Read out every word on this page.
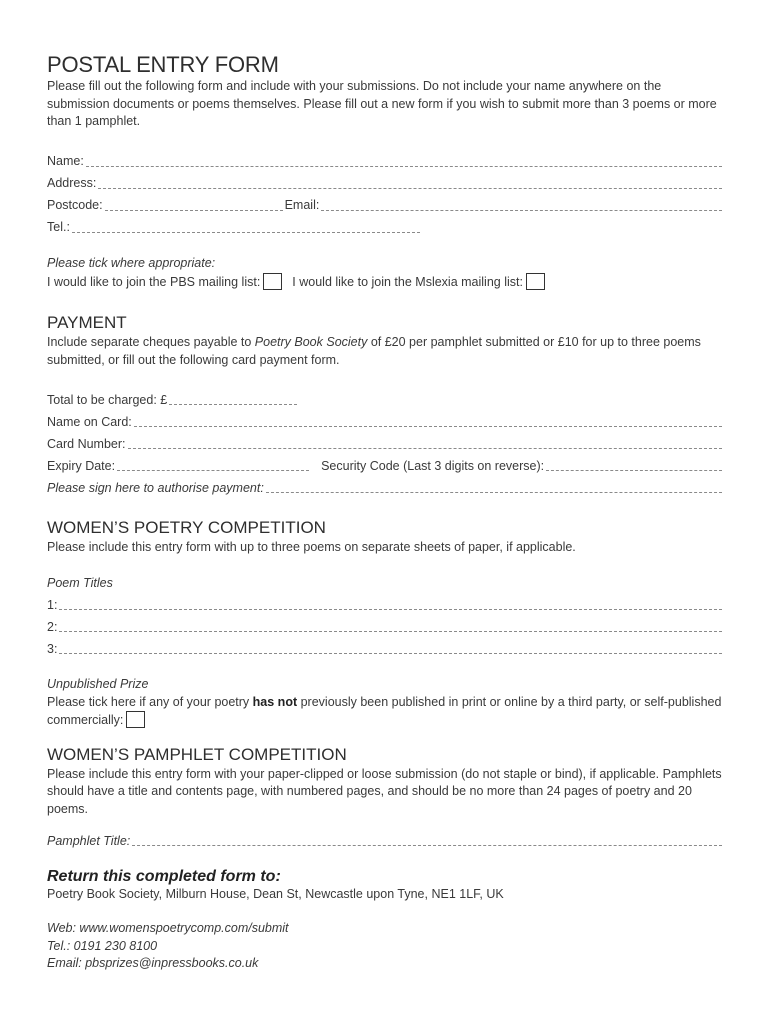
POSTAL ENTRY FORM

Please fill out the following form and include with your submissions. Do not include your name anywhere on the submission documents or poems themselves. Please fill out a new form if you wish to submit more than 3 poems or more than 1 pamphlet.

Name:
Address:
Postcode:	Email:
Tel.:

Please tick where appropriate:

I would like to join the PBS mailing list:	I would like to join the Mslexia mailing list:
PAYMENT

Include separate cheques payable to Poetry Book Society of £20 per pamphlet submitted or £10 for up to three poems submitted, or fill out the following card payment form.

Total to be charged: £
Name on Card:
Card Number:
Expiry Date:	Security Code (Last 3 digits on reverse):
Please sign here to authorise payment:
WOMEN’S POETRY COMPETITION

Please include this entry form with up to three poems on separate sheets of paper, if applicable.

Poem Titles

1:
2:
3:

Unpublished Prize

Please tick here if any of your poetry has not previously been published in print or online by a third party, or self-published commercially:

WOMEN’S PAMPHLET COMPETITION

Please include this entry form with your paper-clipped or loose submission (do not staple or bind), if applicable. Pamphlets should have a title and contents page, with numbered pages, and should be no more than 24 pages of poetry and 20 poems.

Pamphlet Title:

Return this completed form to:

Poetry Book Society, Milburn House, Dean St, Newcastle upon Tyne, NE1 1LF, UK

Web: www.womenspoetrycomp.com/submit

Tel.: 0191 230 8100

Email: pbsprizes@inpressbooks.co.uk
